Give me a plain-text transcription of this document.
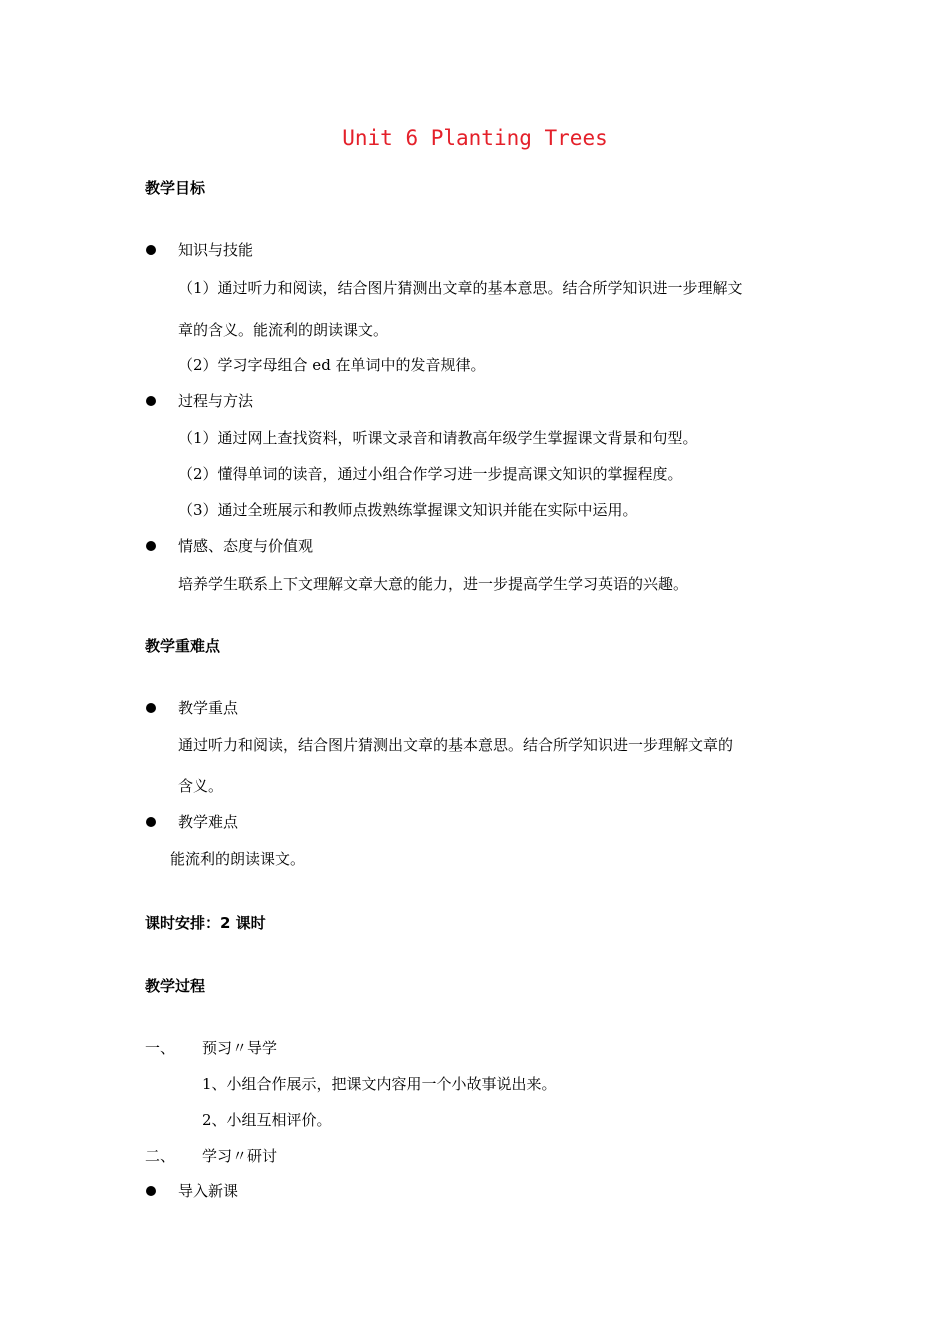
Unit 6 Planting Trees
教学目标
知识与技能
（1）通过听力和阅读，结合图片猜测出文章的基本意思。结合所学知识进一步理解文
章的含义。能流利的朗读课文。
（2）学习字母组合 ed 在单词中的发音规律。
过程与方法
（1）通过网上查找资料，听课文录音和请教高年级学生掌握课文背景和句型。
（2）懂得单词的读音，通过小组合作学习进一步提高课文知识的掌握程度。
（3）通过全班展示和教师点拨熟练掌握课文知识并能在实际中运用。
情感、态度与价值观
培养学生联系上下文理解文章大意的能力，进一步提高学生学习英语的兴趣。
教学重难点
教学重点
通过听力和阅读，结合图片猜测出文章的基本意思。结合所学知识进一步理解文章的
含义。
教学难点
能流利的朗读课文。
课时安排：2 课时
教学过程
一、 预习〃导学
1、小组合作展示，把课文内容用一个小故事说出来。
2、小组互相评价。
二、 学习〃研讨
导入新课
